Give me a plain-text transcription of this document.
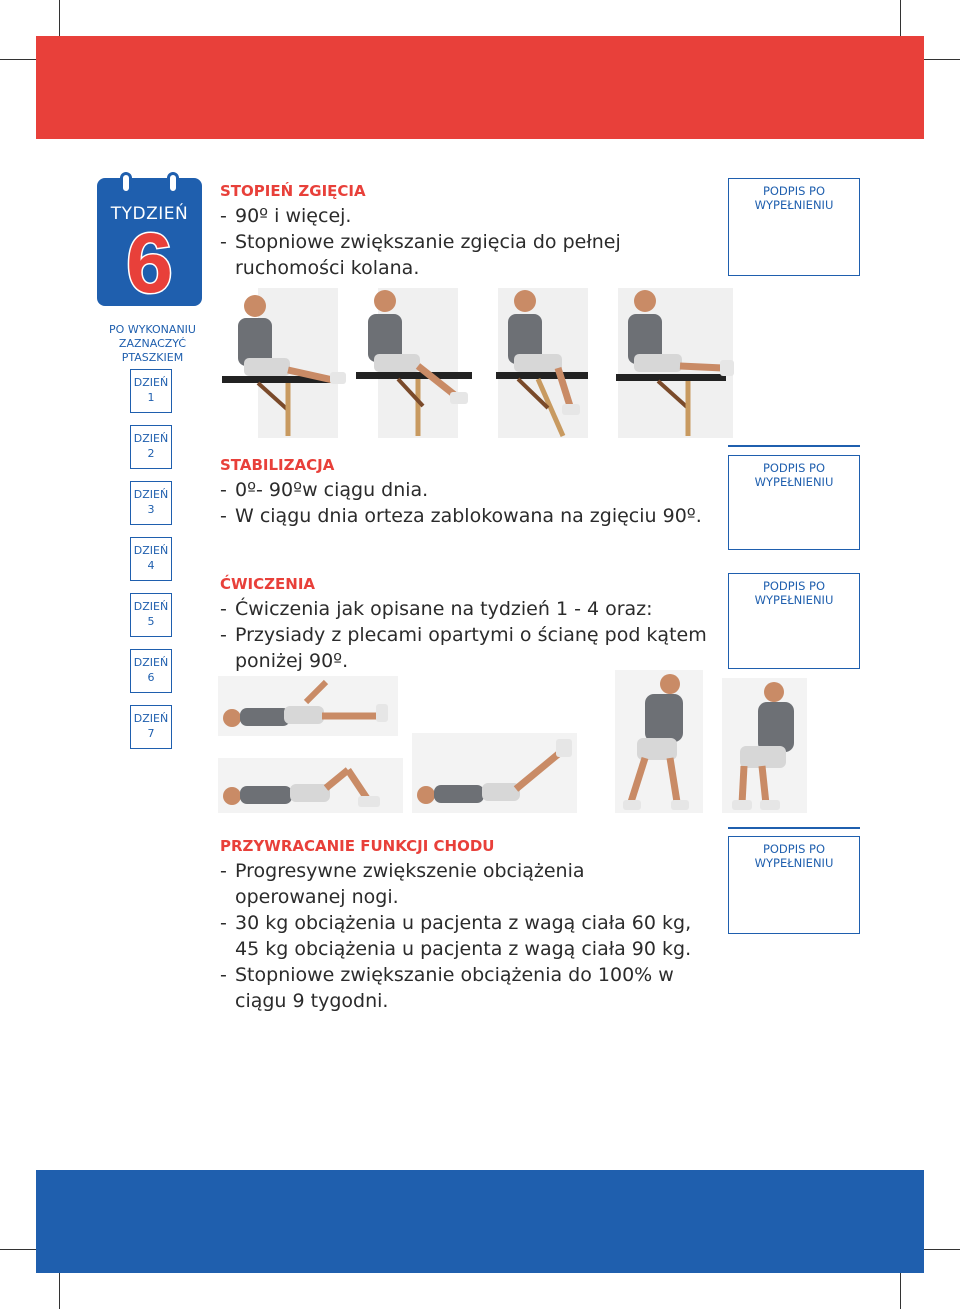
TYDZIEŃ
6
PO WYKONANIU
ZAZNACZYĆ
PTASZKIEM
DZIEŃ
1
DZIEŃ
2
DZIEŃ
3
DZIEŃ
4
DZIEŃ
5
DZIEŃ
6
DZIEŃ
7
STOPIEŃ ZGIĘCIA
- 90º i więcej.
- Stopniowe zwiększanie zgięcia do pełnej
ruchomości kolana.
PODPIS PO
WYPEŁNIENIU
STABILIZACJA
- 0º- 90ºw ciągu dnia.
- W ciągu dnia orteza zablokowana na zgięciu 90º.
PODPIS PO
WYPEŁNIENIU
ĆWICZENIA
- Ćwiczenia jak opisane na tydzień 1 - 4 oraz:
- Przysiady z plecami opartymi o ścianę pod kątem
poniżej 90º.
PODPIS PO
WYPEŁNIENIU
PRZYWRACANIE FUNKCJI CHODU
- Progresywne zwiększenie obciążenia
operowanej nogi.
- 30 kg obciążenia u pacjenta z wagą ciała 60 kg,
45 kg obciążenia u pacjenta z wagą ciała 90 kg.
- Stopniowe zwiększanie obciążenia do 100% w
ciągu 9 tygodni.
PODPIS PO
WYPEŁNIENIU
